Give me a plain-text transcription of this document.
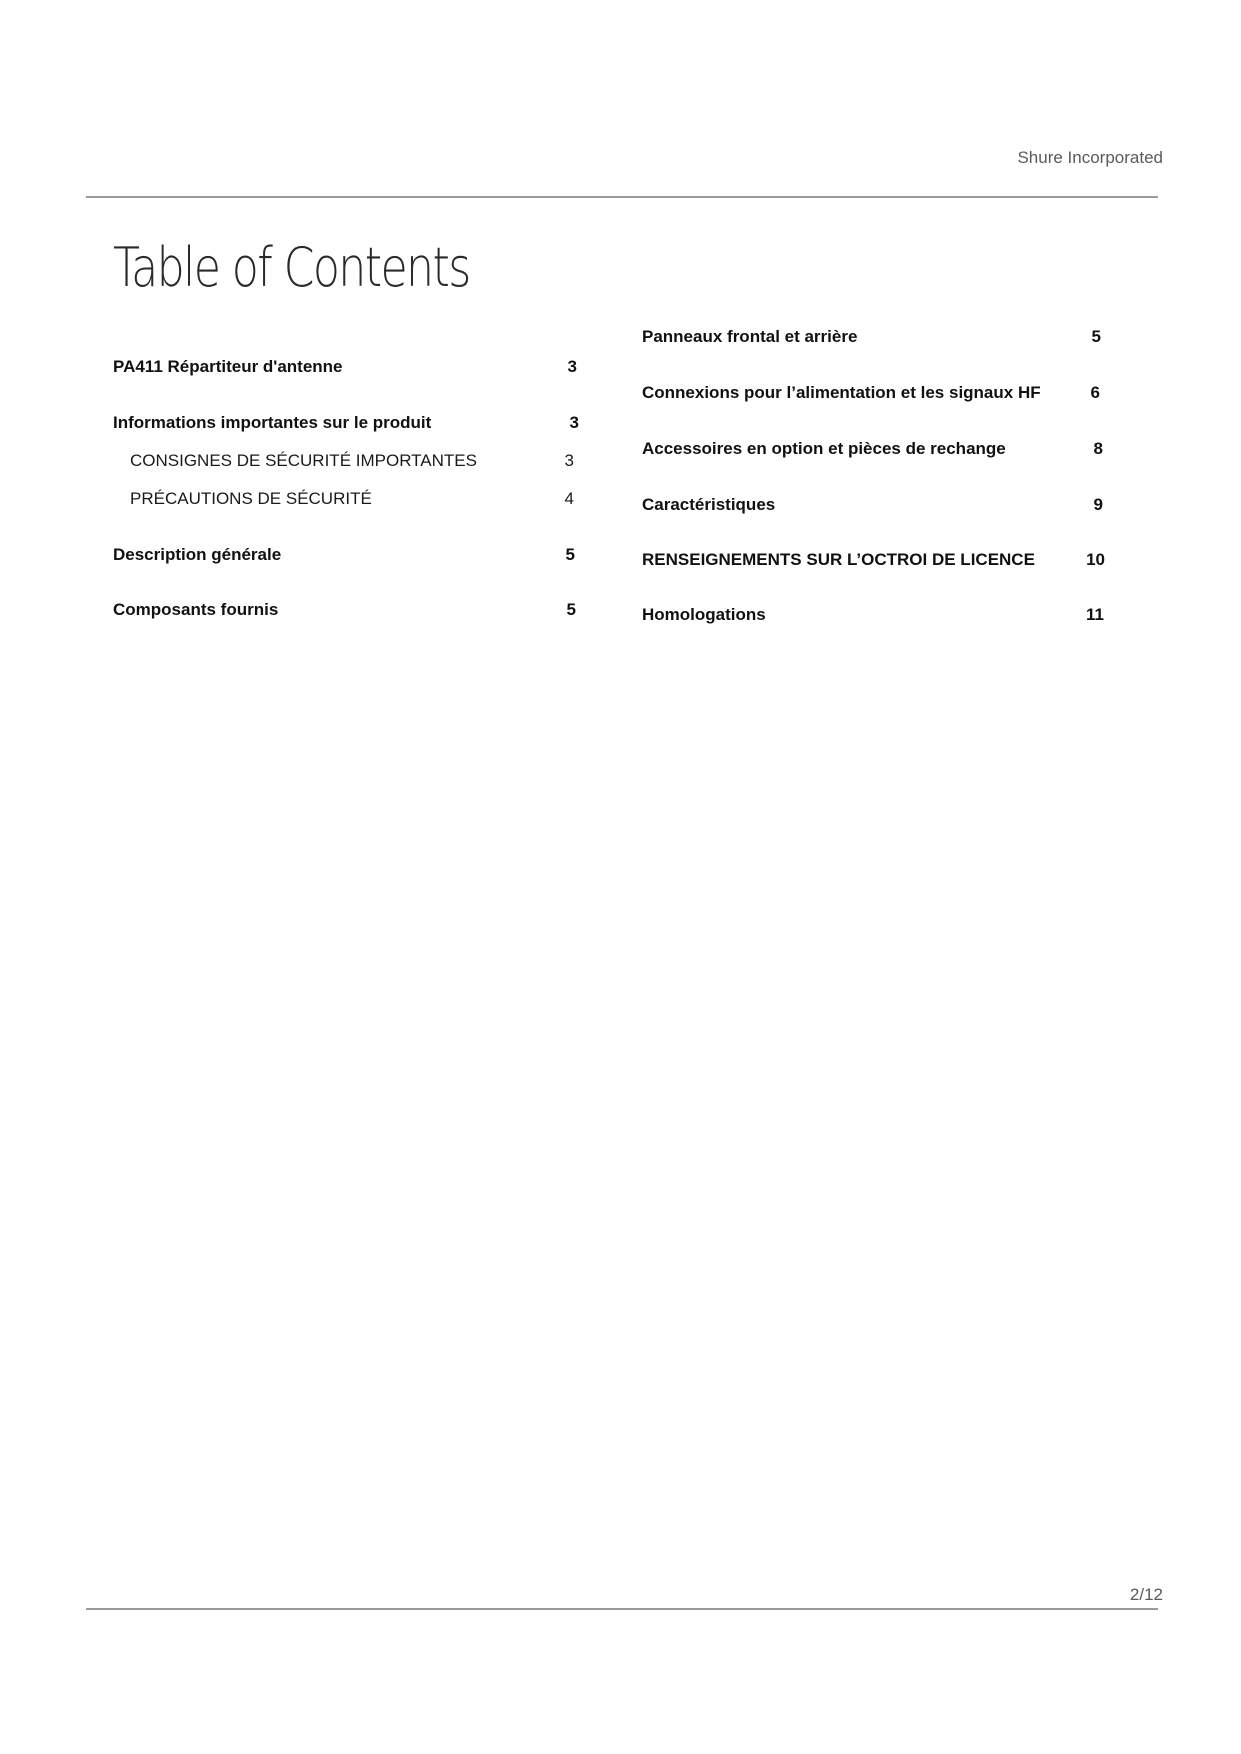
Shure Incorporated
Table of Contents
PA411 Répartiteur d'antenne	3
Informations importantes sur le produit	3
CONSIGNES DE SÉCURITÉ IMPORTANTES	3
PRÉCAUTIONS DE SÉCURITÉ	4
Description générale	5
Composants fournis	5
Panneaux frontal et arrière	5
Connexions pour l’alimentation et les signaux HF	6
Accessoires en option et pièces de rechange	8
Caractéristiques	9
RENSEIGNEMENTS SUR L’OCTROI DE LICENCE	10
Homologations	11
2/12
